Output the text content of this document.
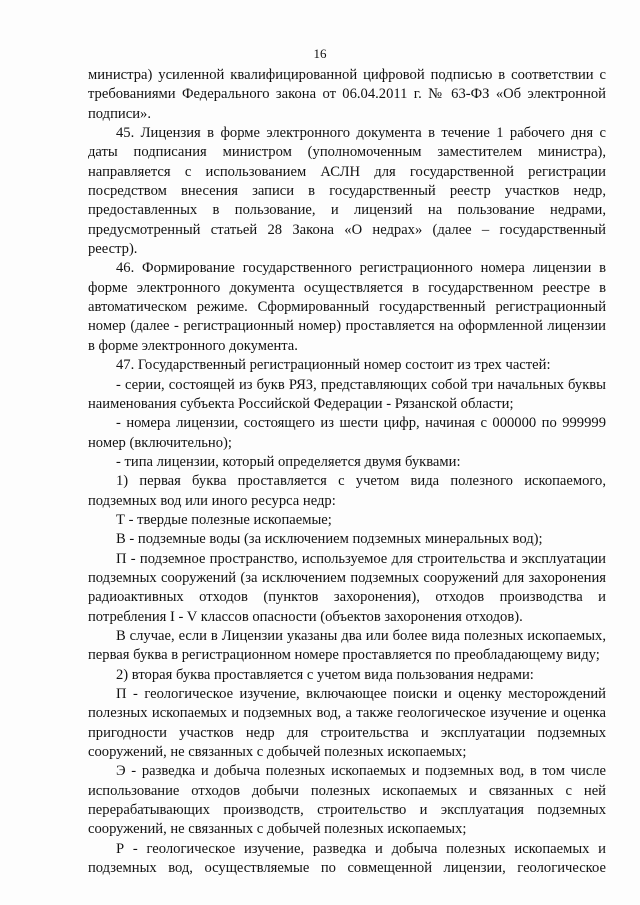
16

министра) усиленной квалифицированной цифровой подписью в соответствии с требованиями Федерального закона от 06.04.2011 г. № 63-ФЗ «Об электронной подписи».

45. Лицензия в форме электронного документа в течение 1 рабочего дня с даты подписания министром (уполномоченным заместителем министра), направляется с использованием АСЛН для государственной регистрации посредством внесения записи в государственный реестр участков недр, предоставленных в пользование, и лицензий на пользование недрами, предусмотренный статьей 28 Закона «О недрах» (далее – государственный реестр).

46. Формирование государственного регистрационного номера лицензии в форме электронного документа осуществляется в государственном реестре в автоматическом режиме. Сформированный государственный регистрационный номер (далее - регистрационный номер) проставляется на оформленной лицензии в форме электронного документа.

47. Государственный регистрационный номер состоит из трех частей:

- серии, состоящей из букв РЯЗ, представляющих собой три начальных буквы наименования субъекта Российской Федерации - Рязанской области;

- номера лицензии, состоящего из шести цифр, начиная с 000000 по 999999 номер (включительно);

- типа лицензии, который определяется двумя буквами:

1) первая буква проставляется с учетом вида полезного ископаемого, подземных вод или иного ресурса недр:

Т - твердые полезные ископаемые;

В - подземные воды (за исключением подземных минеральных вод);

П - подземное пространство, используемое для строительства и эксплуатации подземных сооружений (за исключением подземных сооружений для захоронения радиоактивных отходов (пунктов захоронения), отходов производства и потребления I - V классов опасности (объектов захоронения отходов).

В случае, если в Лицензии указаны два или более вида полезных ископаемых, первая буква в регистрационном номере проставляется по преобладающему виду;

2) вторая буква проставляется с учетом вида пользования недрами:

П - геологическое изучение, включающее поиски и оценку месторождений полезных ископаемых и подземных вод, а также геологическое изучение и оценка пригодности участков недр для строительства и эксплуатации подземных сооружений, не связанных с добычей полезных ископаемых;

Э - разведка и добыча полезных ископаемых и подземных вод, в том числе использование отходов добычи полезных ископаемых и связанных с ней перерабатывающих производств, строительство и эксплуатация подземных сооружений, не связанных с добычей полезных ископаемых;

Р - геологическое изучение, разведка и добыча полезных ископаемых и подземных вод, осуществляемые по совмещенной лицензии, геологическое
